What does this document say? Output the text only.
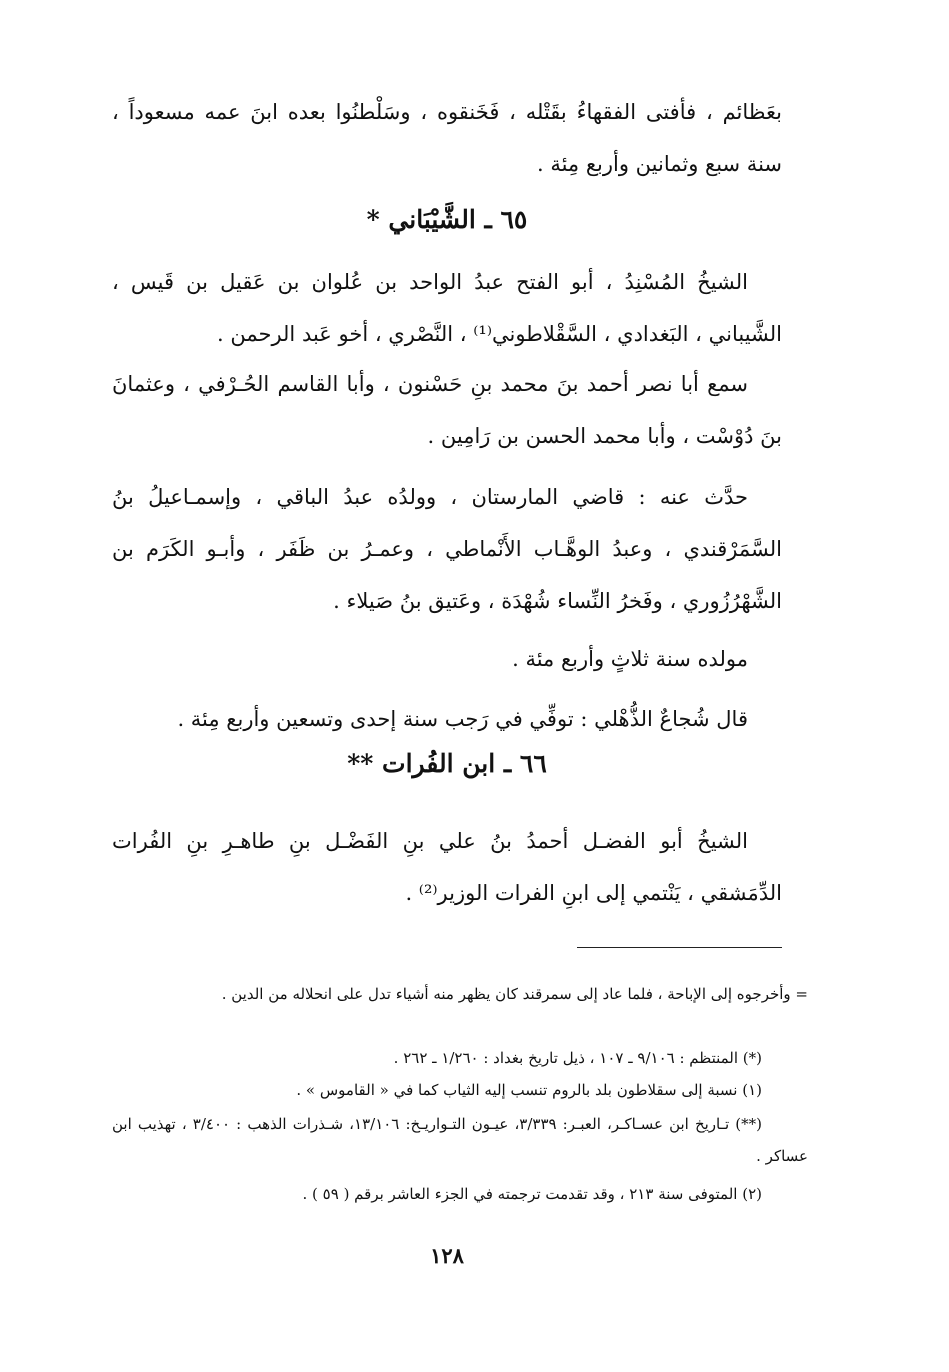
بعَظائم ، فأفتى الفقهاءُ بقَتْله ، فَخَنقوه ، وسَلْطنُوا بعده ابنَ عمه مسعوداً ، سنة سبع وثمانين وأربع مِئة .

٦٥ ـ الشَّيْبَاني *

الشيخُ المُسْنِدُ ، أبو الفتح عبدُ الواحد بن عُلوان بن عَقيل بن قَيس ، الشَّيباني ، البَغدادي ، السَّقْلاطوني⁽¹⁾ ، النَّصْري ، أخو عَبد الرحمن .

سمع أبا نصر أحمد بنَ محمد بنِ حَسْنون ، وأبا القاسم الحُـرْفي ، وعثمانَ بنَ دُوْسْت ، وأبا محمد الحسن بن رَامِين .

حدَّث عنه : قاضي المارستان ، وولدُه عبدُ الباقي ، وإسمـاعيلُ بنُ السَّمَرْقندي ، وعبدُ الوهَّـاب الأَنْماطي ، وعمـرُ بن ظَفَر ، وأبـو الكَرَم بن الشَّهْرُزُوري ، وفَخرُ النِّساء شُهْدَة ، وعَتيق بنُ صَيلاء .

مولده سنة ثلاثٍ وأربع مئة .

قال شُجاعٌ الذُّهْلي : توفِّي في رَجب سنة إحدى وتسعين وأربع مِئة .

٦٦ ـ ابن الفُرات **

الشيخُ أبو الفضـل أحمدُ بنُ علي بنِ الفَضْـل بنِ طاهـرِ بنِ الفُرات الدِّمَشقي ، يَنْتمي إلى ابنِ الفرات الوزير⁽²⁾ .

= وأخرجوه إلى الإباحة ، فلما عاد إلى سمرقند كان يظهر منه أشياء تدل على انحلاله من الدين .

(*) المنتظم : ٩/١٠٦ ـ ١٠٧ ، ذيل تاريخ بغداد : ١/٢٦٠ ـ ٢٦٢ .

(١) نسبة إلى سقلاطون بلد بالروم تنسب إليه الثياب كما في « القاموس » .

(**) تـاريخ ابن عسـاكـر، العبـر: ٣/٣٣٩، عيـون التـواريـخ: ١٣/١٠٦، شـذرات الذهب : ٣/٤٠٠ ، تهذيب ابن عساكر .

(٢) المتوفى سنة ٢١٣ ، وقد تقدمت ترجمته في الجزء العاشر برقم ( ٥٩ ) .

١٢٨
